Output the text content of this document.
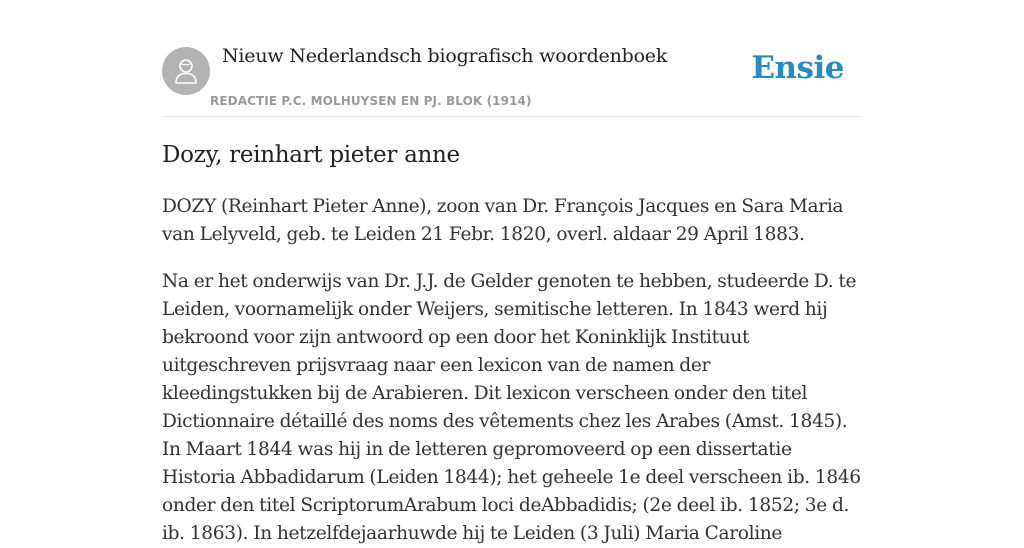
Nieuw Nederlandsch biografisch woordenboek
REDACTIE P.C. MOLHUYSEN EN PJ. BLOK (1914)
Ensie
Dozy, reinhart pieter anne

DOZY (Reinhart Pieter Anne), zoon van Dr. François Jacques en Sara Maria van Lelyveld, geb. te Leiden 21 Febr. 1820, overl. aldaar 29 April 1883.

Na er het onderwijs van Dr. J.J. de Gelder genoten te hebben, studeerde D. te Leiden, voornamelijk onder Weijers, semitische letteren. In 1843 werd hij bekroond voor zijn antwoord op een door het Koninklijk Instituut uitgeschreven prijsvraag naar een lexicon van de namen der kleedingstukken bij de Arabieren. Dit lexicon verscheen onder den titel Dictionnaire détaillé des noms des vêtements chez les Arabes (Amst. 1845). In Maart 1844 was hij in de letteren gepromoveerd op een dissertatie Historia Abbadidarum (Leiden 1844); het geheele 1e deel verscheen ib. 1846 onder den titel ScriptorumArabum loci deAbbadidis; (2e deel ib. 1852; 3e d. ib. 1863). In hetzelfdejaarhuwde hij te Leiden (3 Juli) Maria Caroline
